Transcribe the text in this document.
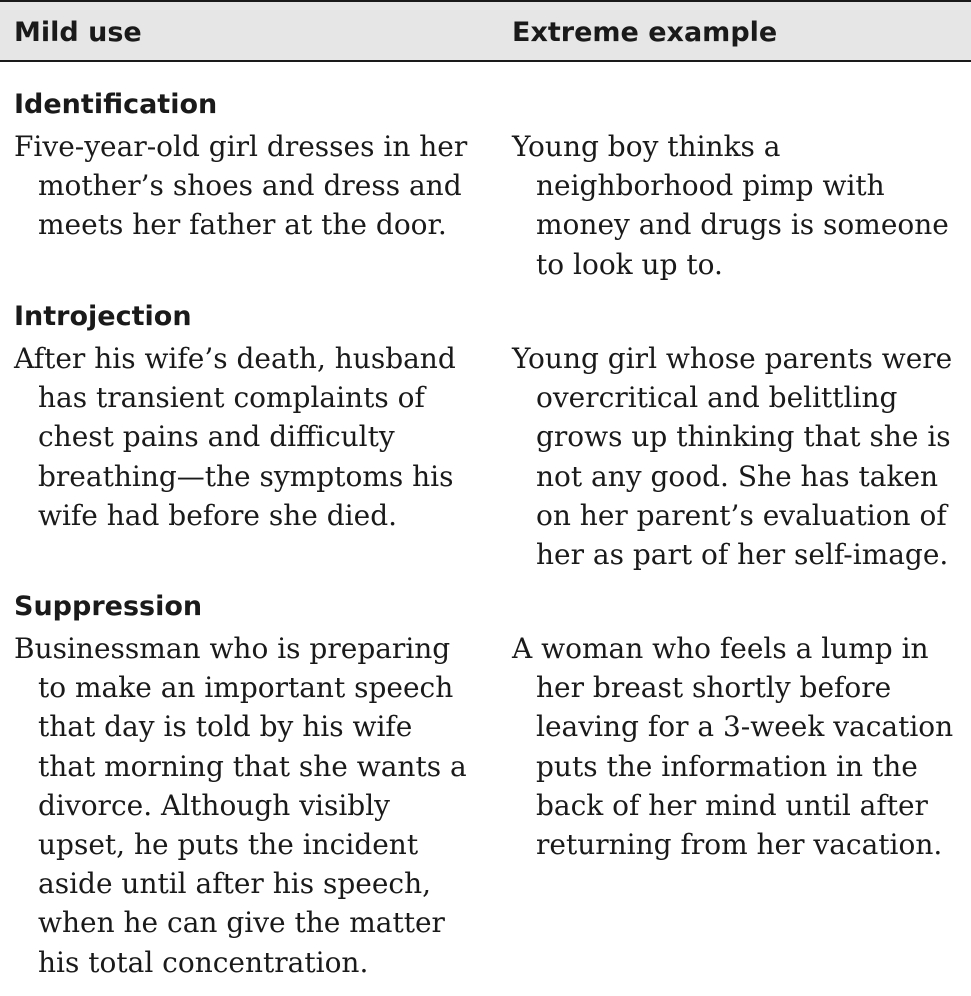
Mild use	Extreme example
Identification
Five-year-old girl dresses in her mother’s shoes and dress and meets her father at the door.
Young boy thinks a neighborhood pimp with money and drugs is someone to look up to.
Introjection
After his wife’s death, husband has transient complaints of chest pains and difficulty breathing—the symptoms his wife had before she died.
Young girl whose parents were overcritical and belittling grows up thinking that she is not any good. She has taken on her parent’s evaluation of her as part of her self-image.
Suppression
Businessman who is preparing to make an important speech that day is told by his wife that morning that she wants a divorce. Although visibly upset, he puts the incident aside until after his speech, when he can give the matter his total concentration.
A woman who feels a lump in her breast shortly before leaving for a 3-week vacation puts the information in the back of her mind until after returning from her vacation.
